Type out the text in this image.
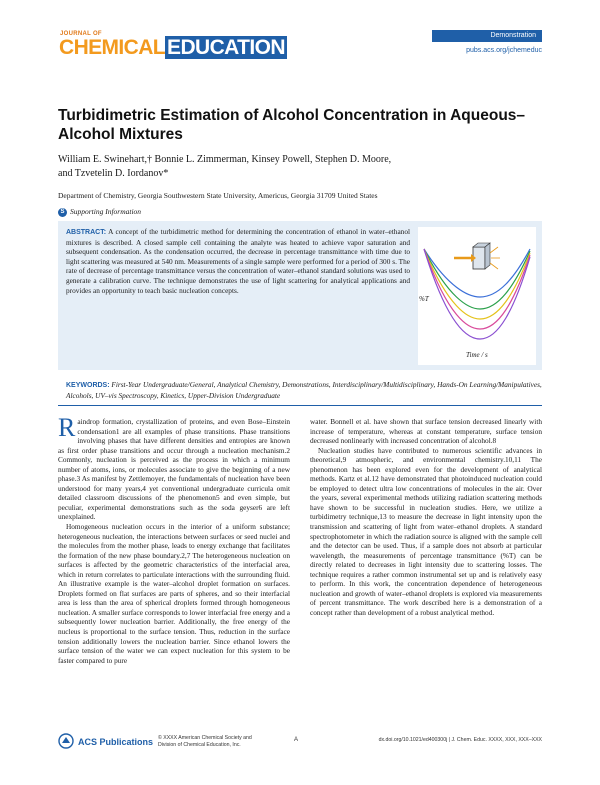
JOURNAL OF
CHEMICALEDUCATION
Demonstration
pubs.acs.org/jchemeduc
Turbidimetric Estimation of Alcohol Concentration in Aqueous–Alcohol Mixtures
William E. Swinehart,† Bonnie L. Zimmerman, Kinsey Powell, Stephen D. Moore,
and Tzvetelin D. Iordanov*
Department of Chemistry, Georgia Southwestern State University, Americus, Georgia 31709 United States
S Supporting Information
ABSTRACT: A concept of the turbidimetric method for determining the concentration of ethanol in water–ethanol mixtures is described. A closed sample cell containing the analyte was heated to achieve vapor saturation and subsequent condensation. As the condensation occurred, the decrease in percentage transmittance with time due to light scattering was measured at 540 nm. Measurements of a single sample were performed for a period of 300 s. The rate of decrease of percentage transmittance versus the concentration of water–ethanol standard solutions was used to generate a calibration curve. The technique demonstrates the use of light scattering for analytical applications and provides an opportunity to teach basic nucleation concepts.
%T
Time / s
KEYWORDS: First-Year Undergraduate/General, Analytical Chemistry, Demonstrations, Interdisciplinary/Multidisciplinary, Hands-On Learning/Manipulatives, Alcohols, UV–vis Spectroscopy, Kinetics, Upper-Division Undergraduate

Raindrop formation, crystallization of proteins, and even Bose–Einstein condensation1 are all examples of phase transitions. Phase transitions involving phases that have different densities and entropies are known as first order phase transitions and occur through a nucleation mechanism.2 Commonly, nucleation is perceived as the process in which a minimum number of atoms, ions, or molecules associate to give the beginning of a new phase.3 As manifest by Zettlemoyer, the fundamentals of nucleation have been understood for many years,4 yet conventional undergraduate curricula omit detailed classroom discussions of the phenomenon5 and even simple, but peculiar, experimental demonstrations such as the soda geyser6 are left unexplained.

Homogeneous nucleation occurs in the interior of a uniform substance; heterogeneous nucleation, the interactions between surfaces or seed nuclei and the molecules from the mother phase, leads to energy exchange that facilitates the formation of the new phase boundary.2,7 The heterogeneous nucleation on surfaces is affected by the geometric characteristics of the interfacial area, which in return correlates to particulate interactions with the surrounding fluid. An illustrative example is the water–alcohol droplet formation on surfaces. Droplets formed on flat surfaces are parts of spheres, and so their interfacial area is less than the area of spherical droplets formed through homogeneous nucleation. A smaller surface corresponds to lower interfacial free energy and a subsequently lower nucleation barrier. Additionally, the free energy of the nucleus is proportional to the surface tension. Thus, reduction in the surface tension additionally lowers the nucleation barrier. Since ethanol lowers the surface tension of the water we can expect nucleation for this system to be faster compared to pure

water. Bonnell et al. have shown that surface tension decreased linearly with increase of temperature, whereas at constant temperature, surface tension decreased nonlinearly with increased concentration of alcohol.8

Nucleation studies have contributed to numerous scientific advances in theoretical,9 atmospheric, and environmental chemistry.10,11 The phenomenon has been explored even for the development of analytical methods. Kartz et al.12 have demonstrated that photoinduced nucleation could be employed to detect ultra low concentrations of molecules in the air. Over the years, several experimental methods utilizing radiation scattering methods have shown to be successful in nucleation studies. Here, we utilize a turbidimetry technique,13 to measure the decrease in light intensity upon the transmission and scattering of light from water–ethanol droplets. A standard spectrophotometer in which the radiation source is aligned with the sample cell and the detector can be used. Thus, if a sample does not absorb at particular wavelength, the measurements of percentage transmittance (%T) can be directly related to decreases in light intensity due to scattering losses. The technique requires a rather common instrumental set up and is relatively easy to perform. In this work, the concentration dependence of heterogeneous nucleation and growth of water–ethanol droplets is explored via measurements of percent transmittance. The work described here is a demonstration of a concept rather than development of a robust analytical method.

ACS Publications © XXXX American Chemical Society and
Division of Chemical Education, Inc.
A	dx.doi.org/10.1021/ed400300j | J. Chem. Educ. XXXX, XXX, XXX–XXX
